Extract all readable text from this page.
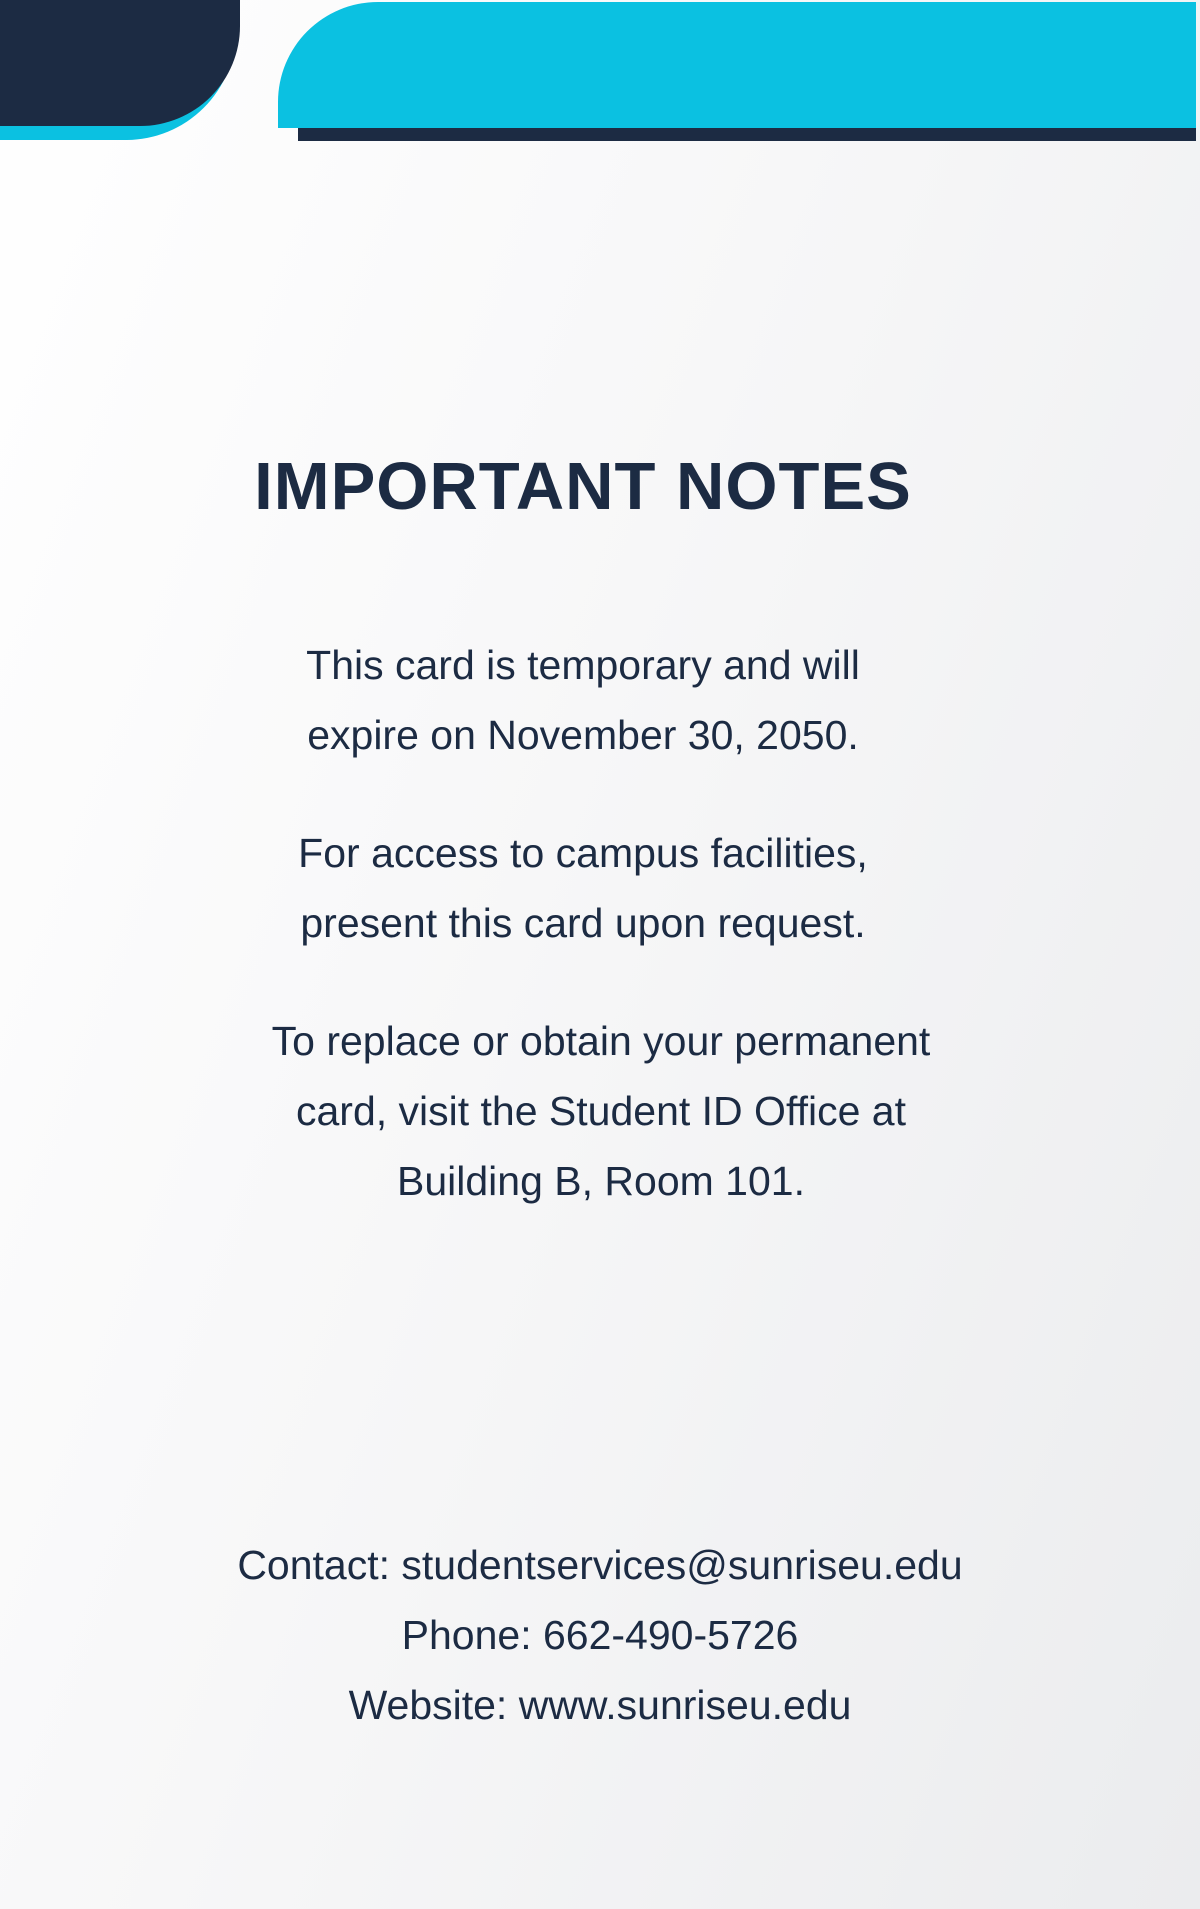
IMPORTANT NOTES

This card is temporary and will expire on November 30, 2050.

For access to campus facilities, present this card upon request.

To replace or obtain your permanent card, visit the Student ID Office at Building B, Room 101.

Contact: studentservices@sunriseu.edu
Phone: 662-490-5726
Website: www.sunriseu.edu
